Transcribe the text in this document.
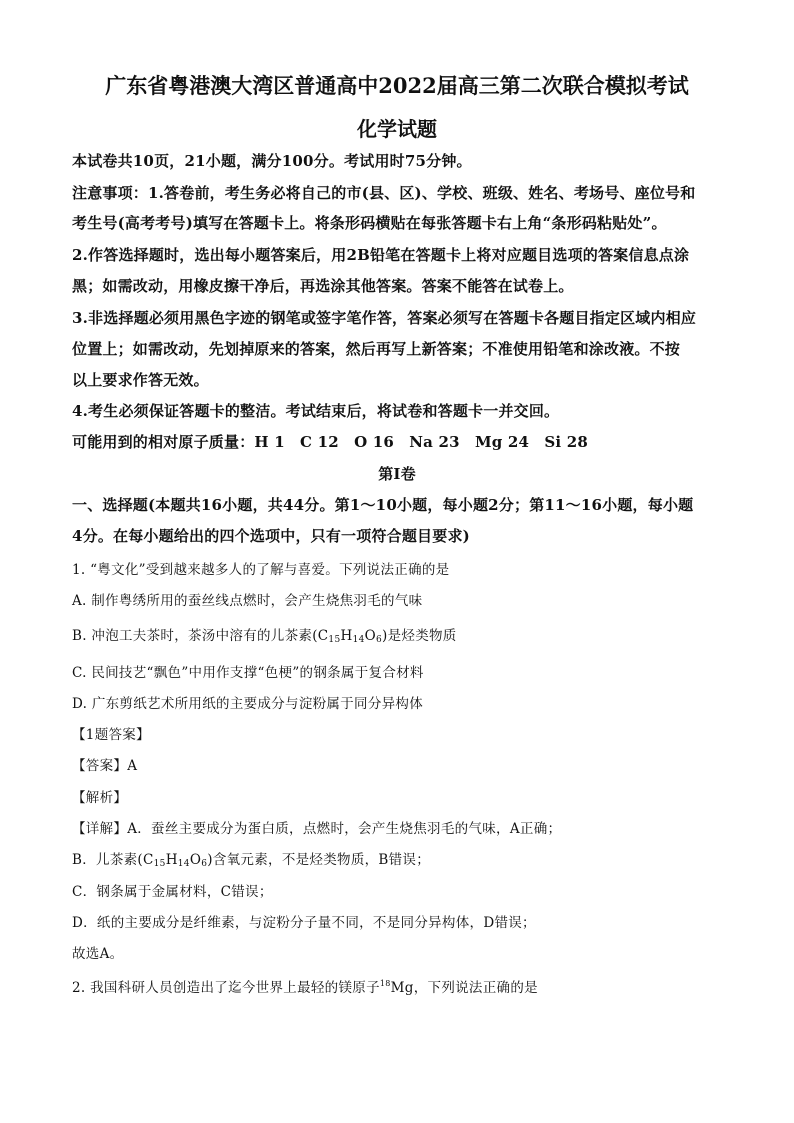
广东省粤港澳大湾区普通高中2022届高三第二次联合模拟考试
化学试题
本试卷共10页，21小题，满分100分。考试用时75分钟。
注意事项：1.答卷前，考生务必将自己的市(县、区)、学校、班级、姓名、考场号、座位号和
考生号(高考考号)填写在答题卡上。将条形码横贴在每张答题卡右上角“条形码粘贴处”。
2.作答选择题时，选出每小题答案后，用2B铅笔在答题卡上将对应题目选项的答案信息点涂
黑；如需改动，用橡皮擦干净后，再选涂其他答案。答案不能答在试卷上。
3.非选择题必须用黑色字迹的钢笔或签字笔作答，答案必须写在答题卡各题目指定区域内相应
位置上；如需改动，先划掉原来的答案，然后再写上新答案；不准使用铅笔和涂改液。不按
以上要求作答无效。
4.考生必须保证答题卡的整洁。考试结束后，将试卷和答题卡一并交回。
可能用到的相对原子质量：H 1　C 12　O 16　Na 23　Mg 24　Si 28
第Ⅰ卷
一、选择题(本题共16小题，共44分。第1～10小题，每小题2分；第11～16小题，每小题
4分。在每小题给出的四个选项中，只有一项符合题目要求)
1. “粤文化”受到越来越多人的了解与喜爱。下列说法正确的是
A. 制作粤绣所用的蚕丝线点燃时，会产生烧焦羽毛的气味
B. 冲泡工夫茶时，茶汤中溶有的儿茶素$(C_{15}H_{14}O_6)$是烃类物质
C. 民间技艺“飘色”中用作支撑“色梗”的钢条属于复合材料
D. 广东剪纸艺术所用纸的主要成分与淀粉属于同分异构体
【1题答案】
【答案】A
【解析】
【详解】A．蚕丝主要成分为蛋白质，点燃时，会产生烧焦羽毛的气味，A正确；
B．儿茶素$(C_{15}H_{14}O_6)$含氧元素，不是烃类物质，B错误；
C．钢条属于金属材料，C错误；
D．纸的主要成分是纤维素，与淀粉分子量不同，不是同分异构体，D错误；
故选A。
2. 我国科研人员创造出了迄今世界上最轻的镁原子$^{18}$Mg，下列说法正确的是
